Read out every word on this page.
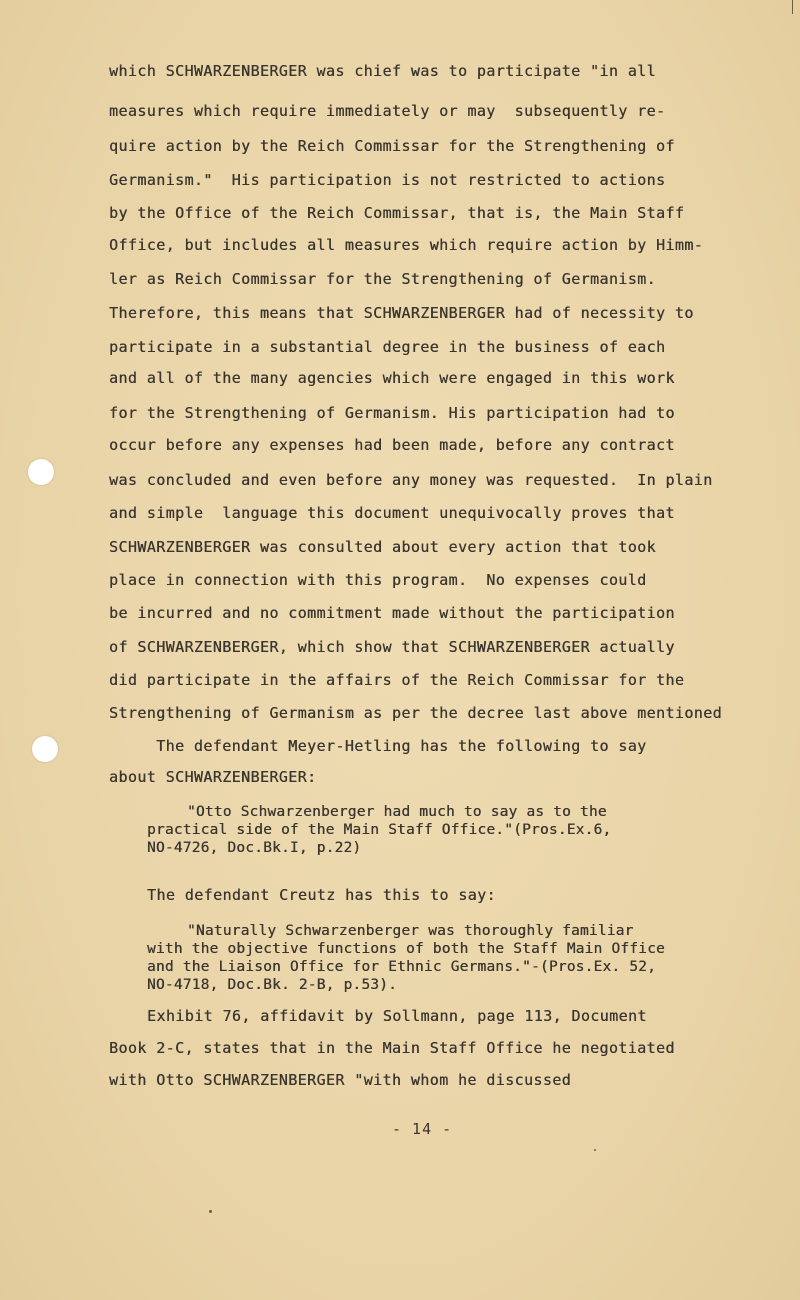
which SCHWARZENBERGER was chief was to participate "in all
measures which require immediately or may  subsequently re-
quire action by the Reich Commissar for the Strengthening of
Germanism."  His participation is not restricted to actions
by the Office of the Reich Commissar, that is, the Main Staff
Office, but includes all measures which require action by Himm-
ler as Reich Commissar for the Strengthening of Germanism.
Therefore, this means that SCHWARZENBERGER had of necessity to
participate in a substantial degree in the business of each
and all of the many agencies which were engaged in this work
for the Strengthening of Germanism. His participation had to
occur before any expenses had been made, before any contract
was concluded and even before any money was requested.  In plain
and simple  language this document unequivocally proves that
SCHWARZENBERGER was consulted about every action that took
place in connection with this program.  No expenses could
be incurred and no commitment made without the participation
of SCHWARZENBERGER, which show that SCHWARZENBERGER actually
did participate in the affairs of the Reich Commissar for the
Strengthening of Germanism as per the decree last above mentioned
The defendant Meyer-Hetling has the following to say
about SCHWARZENBERGER:
"Otto Schwarzenberger had much to say as to the
practical side of the Main Staff Office."(Pros.Ex.6,
NO-4726, Doc.Bk.I, p.22)
The defendant Creutz has this to say:
"Naturally Schwarzenberger was thoroughly familiar
with the objective functions of both the Staff Main Office
and the Liaison Office for Ethnic Germans."-(Pros.Ex. 52,
NO-4718, Doc.Bk. 2-B, p.53).
Exhibit 76, affidavit by Sollmann, page 113, Document
Book 2-C, states that in the Main Staff Office he negotiated
with Otto SCHWARZENBERGER "with whom he discussed
- 14 -
